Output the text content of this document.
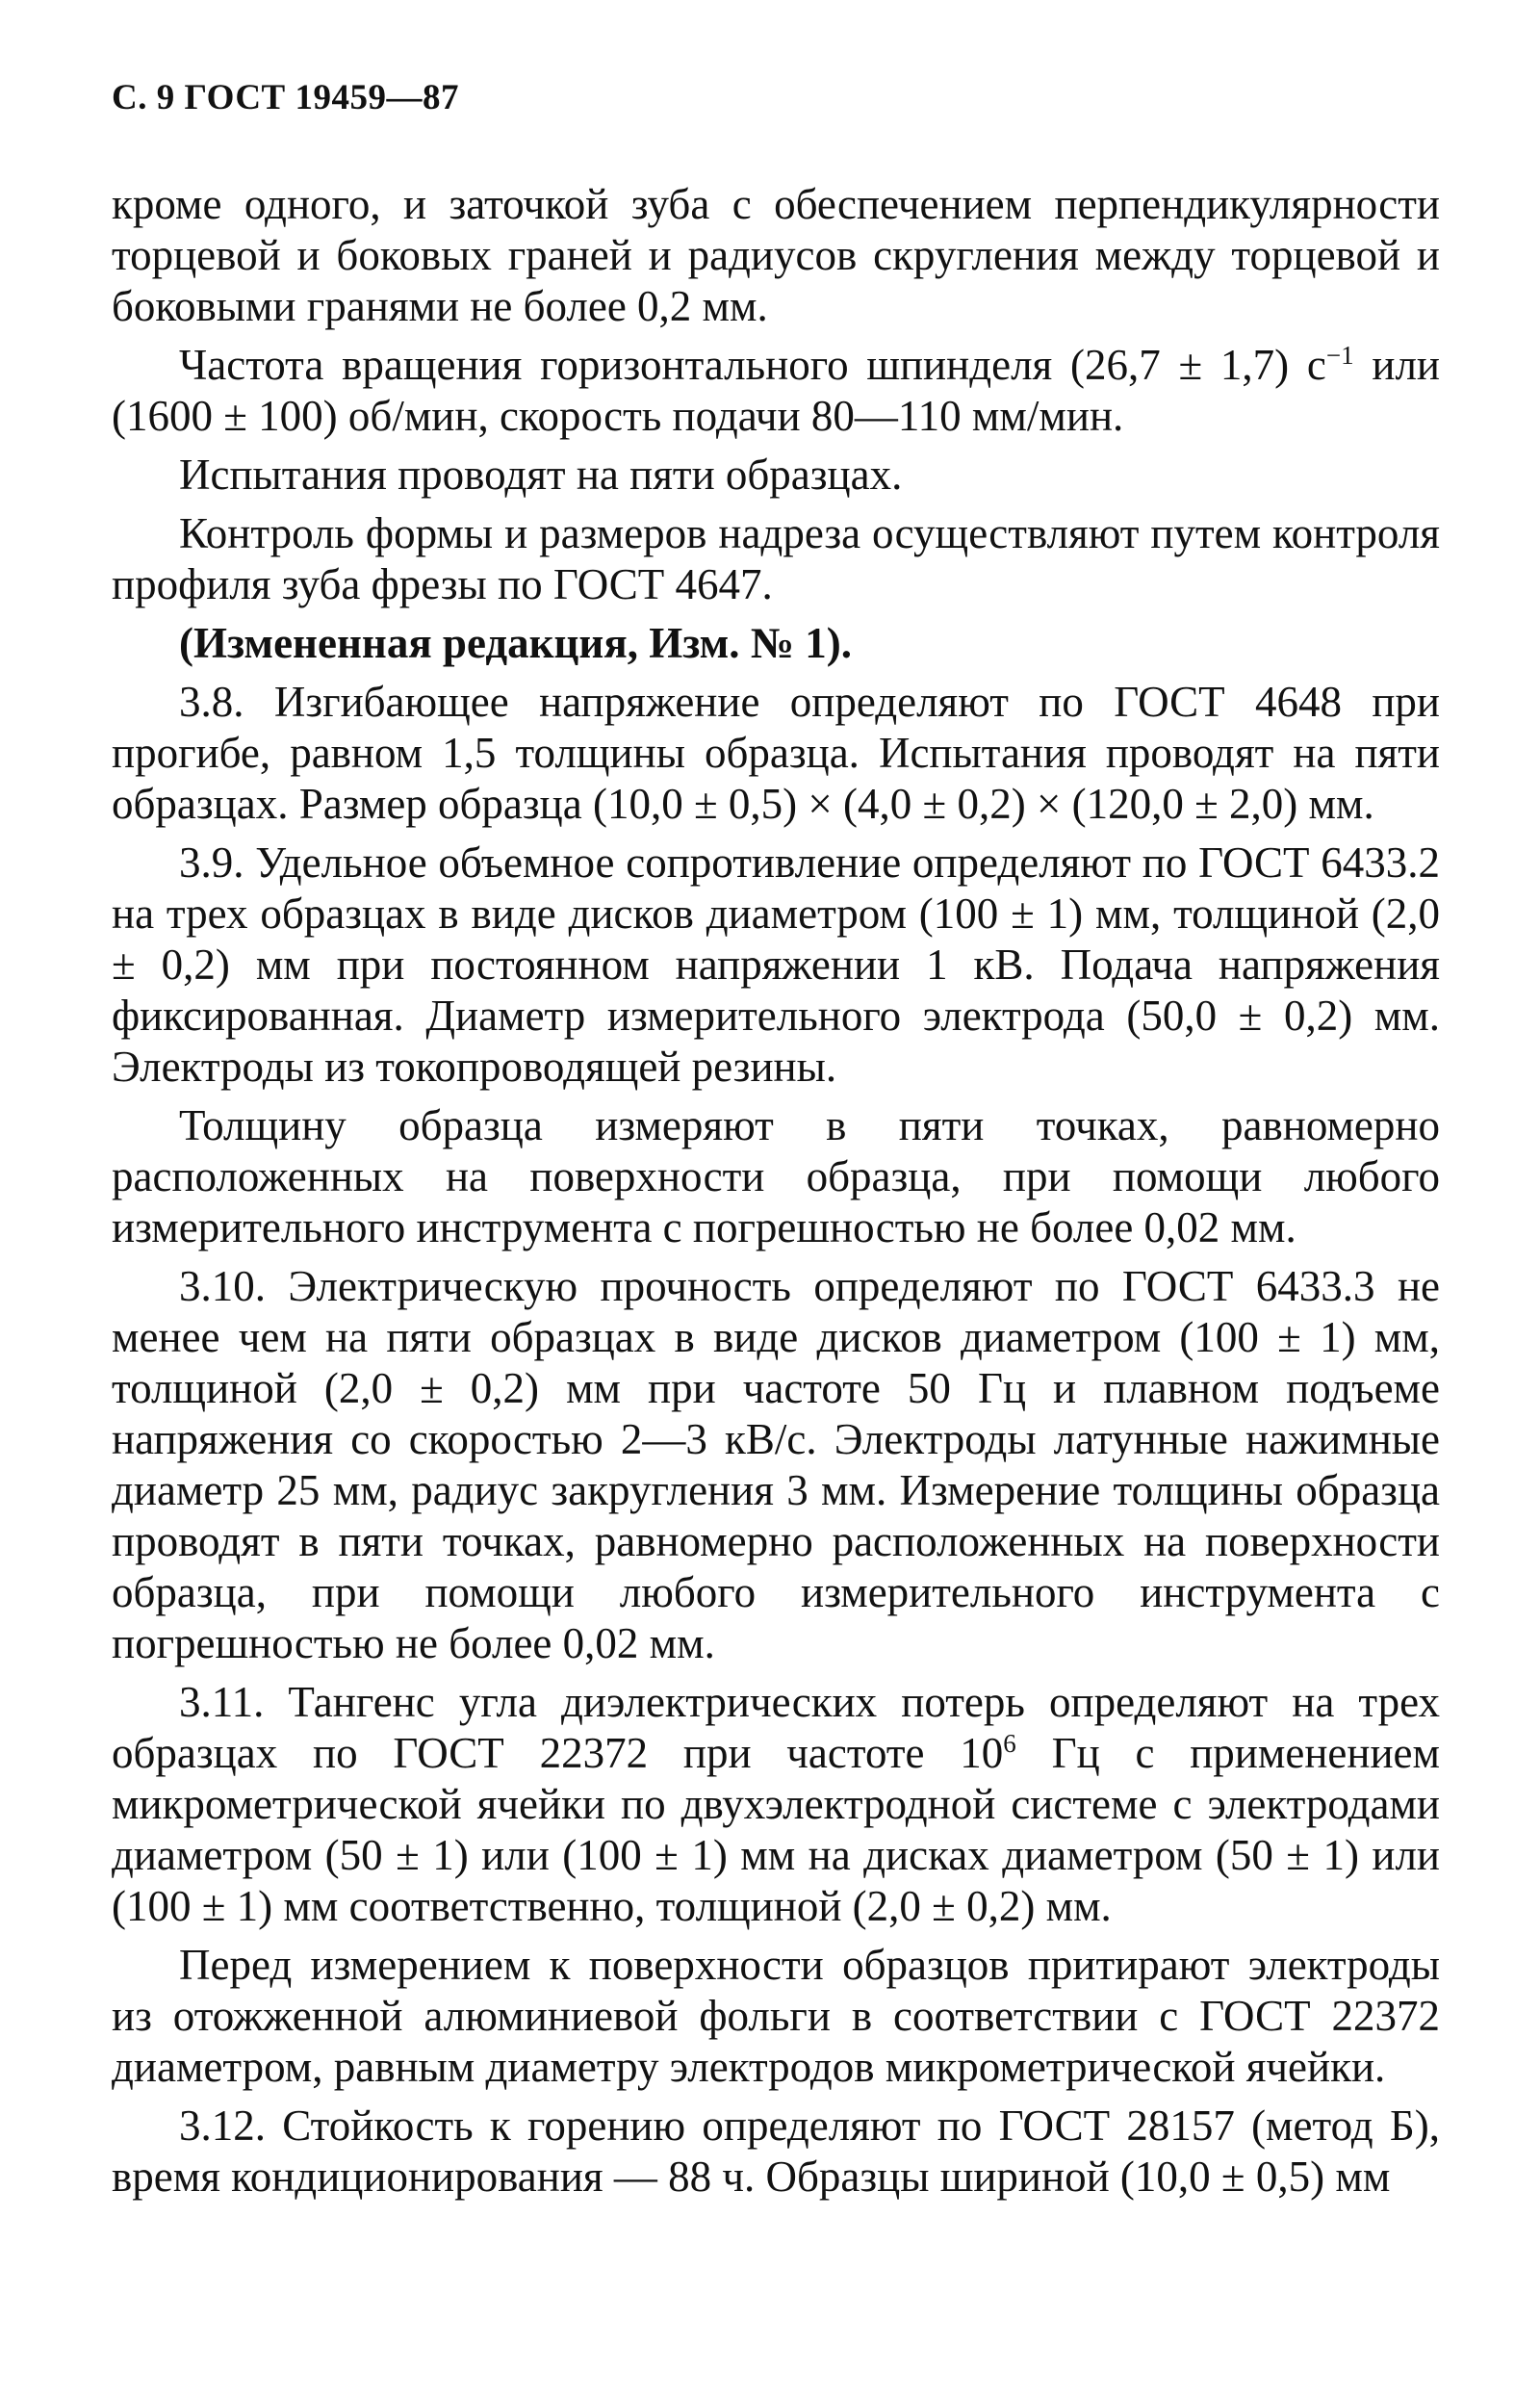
С. 9 ГОСТ 19459—87

кроме одного, и заточкой зуба с обеспечением перпендикулярности торцевой и боковых граней и радиусов скругления между торцевой и боковыми гранями не более 0,2 мм.

Частота вращения горизонтального шпинделя (26,7 ± 1,7) $с^{-1}$ или (1600 ± 100) об/мин, скорость подачи 80—110 мм/мин.

Испытания проводят на пяти образцах.

Контроль формы и размеров надреза осуществляют путем контроля профиля зуба фрезы по ГОСТ 4647.

(Измененная редакция, Изм. № 1).

3.8. Изгибающее напряжение определяют по ГОСТ 4648 при прогибе, равном 1,5 толщины образца. Испытания проводят на пяти образцах. Размер образца (10,0 ± 0,5) × (4,0 ± 0,2) × (120,0 ± 2,0) мм.

3.9. Удельное объемное сопротивление определяют по ГОСТ 6433.2 на трех образцах в виде дисков диаметром (100 ± 1) мм, толщиной (2,0 ± 0,2) мм при постоянном напряжении 1 кВ. Подача напряжения фиксированная. Диаметр измерительного электрода (50,0 ± 0,2) мм. Электроды из токопроводящей резины.

Толщину образца измеряют в пяти точках, равномерно расположенных на поверхности образца, при помощи любого измерительного инструмента с погрешностью не более 0,02 мм.

3.10. Электрическую прочность определяют по ГОСТ 6433.3 не менее чем на пяти образцах в виде дисков диаметром (100 ± 1) мм, толщиной (2,0 ± 0,2) мм при частоте 50 Гц и плавном подъеме напряжения со скоростью 2—3 кВ/с. Электроды латунные нажимные диаметр 25 мм, радиус закругления 3 мм. Измерение толщины образца проводят в пяти точках, равномерно расположенных на поверхности образца, при помощи любого измерительного инструмента с погрешностью не более 0,02 мм.

3.11. Тангенс угла диэлектрических потерь определяют на трех образцах по ГОСТ 22372 при частоте $10^6$ Гц с применением микрометрической ячейки по двухэлектродной системе с электродами диаметром (50 ± 1) или (100 ± 1) мм на дисках диаметром (50 ± 1) или (100 ± 1) мм соответственно, толщиной (2,0 ± 0,2) мм.

Перед измерением к поверхности образцов притирают электроды из отожженной алюминиевой фольги в соответствии с ГОСТ 22372 диаметром, равным диаметру электродов микрометрической ячейки.

3.12. Стойкость к горению определяют по ГОСТ 28157 (метод Б), время кондиционирования — 88 ч. Образцы шириной (10,0 ± 0,5) мм
